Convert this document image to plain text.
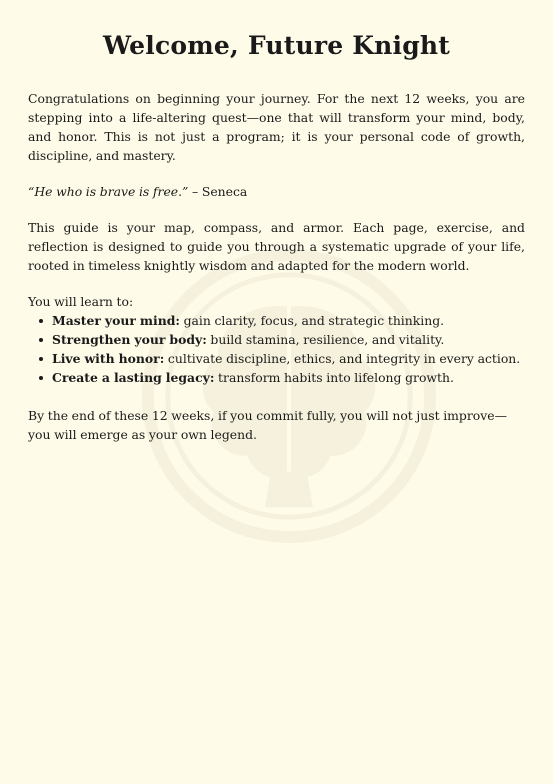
Welcome, Future Knight

Congratulations on beginning your journey. For the next 12 weeks, you are stepping into a life-altering quest—one that will transform your mind, body, and honor. This is not just a program; it is your personal code of growth, discipline, and mastery.

“He who is brave is free.” – Seneca

This guide is your map, compass, and armor. Each page, exercise, and reflection is designed to guide you through a systematic upgrade of your life, rooted in timeless knightly wisdom and adapted for the modern world.

You will learn to:

Master your mind: gain clarity, focus, and strategic thinking.
Strengthen your body: build stamina, resilience, and vitality.
Live with honor: cultivate discipline, ethics, and integrity in every action.
Create a lasting legacy: transform habits into lifelong growth.

By the end of these 12 weeks, if you commit fully, you will not just improve—you will emerge as your own legend.
